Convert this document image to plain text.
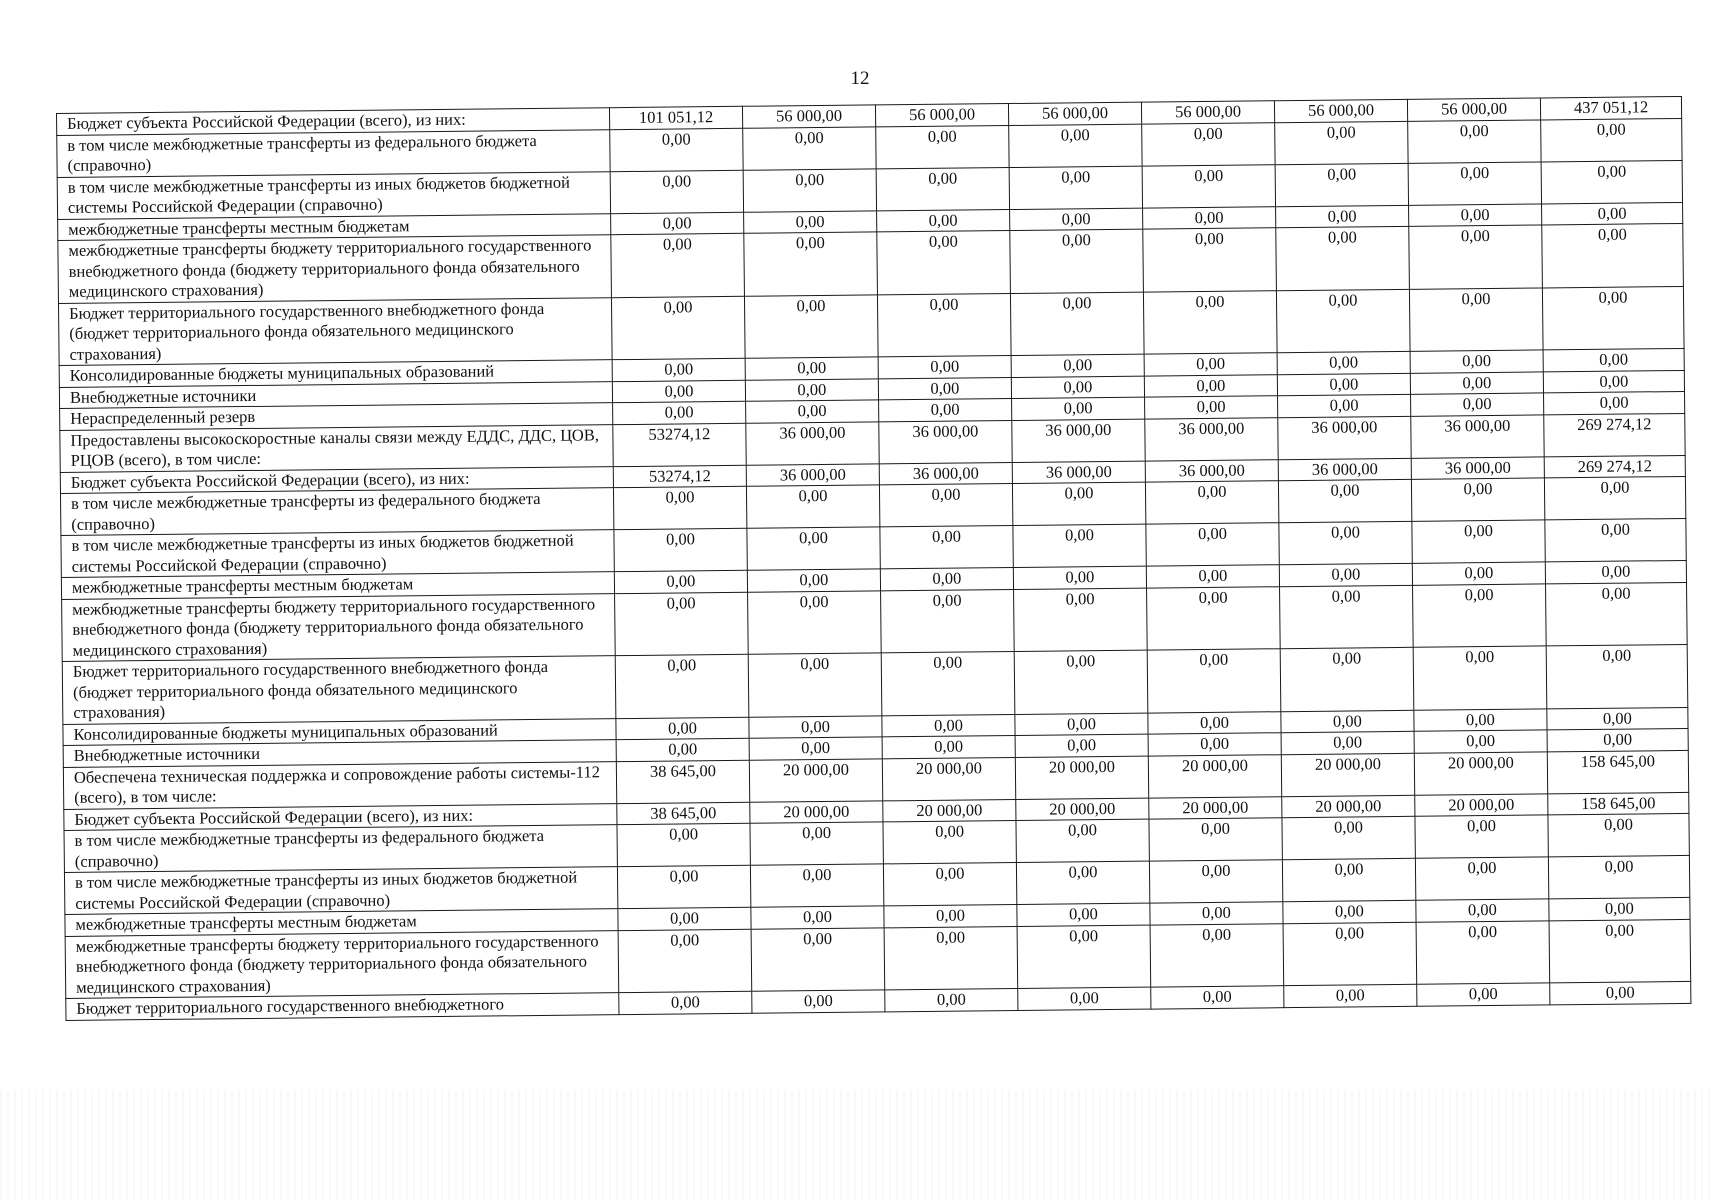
12
Бюджет субъекта Российской Федерации (всего), из них:	101 051,12	56 000,00	56 000,00	56 000,00	56 000,00	56 000,00	56 000,00	437 051,12
в том числе межбюджетные трансферты из федерального бюджета (справочно)	0,00	0,00	0,00	0,00	0,00	0,00	0,00	0,00
в том числе межбюджетные трансферты из иных бюджетов бюджетной системы Российской Федерации (справочно)	0,00	0,00	0,00	0,00	0,00	0,00	0,00	0,00
межбюджетные трансферты местным бюджетам	0,00	0,00	0,00	0,00	0,00	0,00	0,00	0,00
межбюджетные трансферты бюджету территориального государственного внебюджетного фонда (бюджету территориального фонда обязательного медицинского страхования)	0,00	0,00	0,00	0,00	0,00	0,00	0,00	0,00
Бюджет территориального государственного внебюджетного фонда (бюджет территориального фонда обязательного медицинского страхования)	0,00	0,00	0,00	0,00	0,00	0,00	0,00	0,00
Консолидированные бюджеты муниципальных образований	0,00	0,00	0,00	0,00	0,00	0,00	0,00	0,00
Внебюджетные источники	0,00	0,00	0,00	0,00	0,00	0,00	0,00	0,00
Нераспределенный резерв	0,00	0,00	0,00	0,00	0,00	0,00	0,00	0,00
Предоставлены высокоскоростные каналы связи между ЕДДС, ДДС, ЦОВ, РЦОВ (всего), в том числе:	53274,12	36 000,00	36 000,00	36 000,00	36 000,00	36 000,00	36 000,00	269 274,12
Бюджет субъекта Российской Федерации (всего), из них:	53274,12	36 000,00	36 000,00	36 000,00	36 000,00	36 000,00	36 000,00	269 274,12
в том числе межбюджетные трансферты из федерального бюджета (справочно)	0,00	0,00	0,00	0,00	0,00	0,00	0,00	0,00
в том числе межбюджетные трансферты из иных бюджетов бюджетной системы Российской Федерации (справочно)	0,00	0,00	0,00	0,00	0,00	0,00	0,00	0,00
межбюджетные трансферты местным бюджетам	0,00	0,00	0,00	0,00	0,00	0,00	0,00	0,00
межбюджетные трансферты бюджету территориального государственного внебюджетного фонда (бюджету территориального фонда обязательного медицинского страхования)	0,00	0,00	0,00	0,00	0,00	0,00	0,00	0,00
Бюджет территориального государственного внебюджетного фонда (бюджет территориального фонда обязательного медицинского страхования)	0,00	0,00	0,00	0,00	0,00	0,00	0,00	0,00
Консолидированные бюджеты муниципальных образований	0,00	0,00	0,00	0,00	0,00	0,00	0,00	0,00
Внебюджетные источники	0,00	0,00	0,00	0,00	0,00	0,00	0,00	0,00
Обеспечена техническая поддержка и сопровождение работы системы-112 (всего), в том числе:	38 645,00	20 000,00	20 000,00	20 000,00	20 000,00	20 000,00	20 000,00	158 645,00
Бюджет субъекта Российской Федерации (всего), из них:	38 645,00	20 000,00	20 000,00	20 000,00	20 000,00	20 000,00	20 000,00	158 645,00
в том числе межбюджетные трансферты из федерального бюджета (справочно)	0,00	0,00	0,00	0,00	0,00	0,00	0,00	0,00
в том числе межбюджетные трансферты из иных бюджетов бюджетной системы Российской Федерации (справочно)	0,00	0,00	0,00	0,00	0,00	0,00	0,00	0,00
межбюджетные трансферты местным бюджетам	0,00	0,00	0,00	0,00	0,00	0,00	0,00	0,00
межбюджетные трансферты бюджету территориального государственного внебюджетного фонда (бюджету территориального фонда обязательного медицинского страхования)	0,00	0,00	0,00	0,00	0,00	0,00	0,00	0,00
Бюджет территориального государственного внебюджетного	0,00	0,00	0,00	0,00	0,00	0,00	0,00	0,00
